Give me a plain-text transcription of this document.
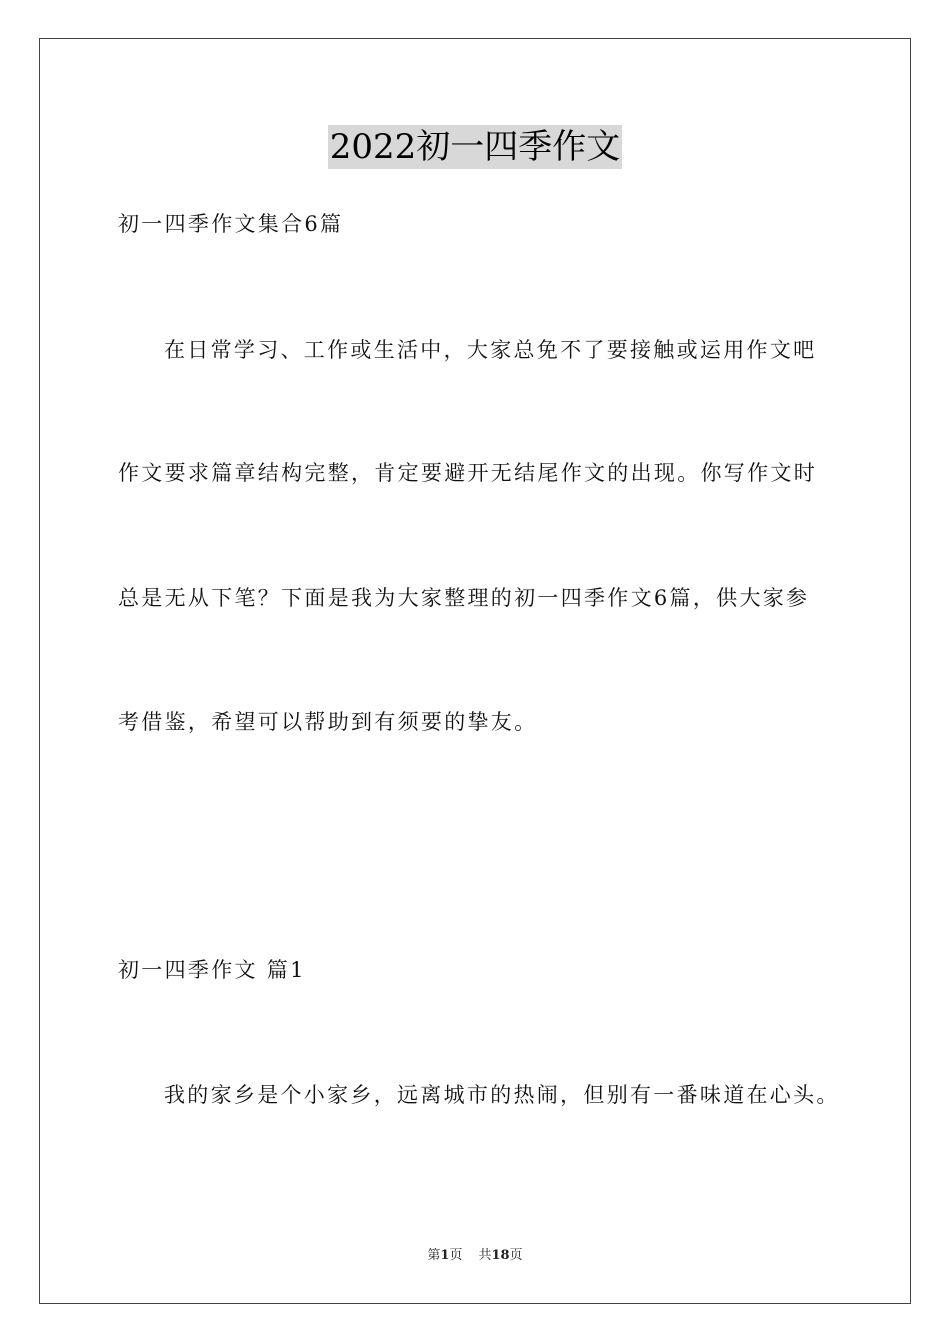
2022初一四季作文
初一四季作文集合6篇
在日常学习、工作或生活中，大家总免不了要接触或运用作文吧
作文要求篇章结构完整，肯定要避开无结尾作文的出现。你写作文时
总是无从下笔？下面是我为大家整理的初一四季作文6篇，供大家参
考借鉴，希望可以帮助到有须要的挚友。
初一四季作文 篇1
我的家乡是个小家乡，远离城市的热闹，但别有一番味道在心头。
第1页 共18页
